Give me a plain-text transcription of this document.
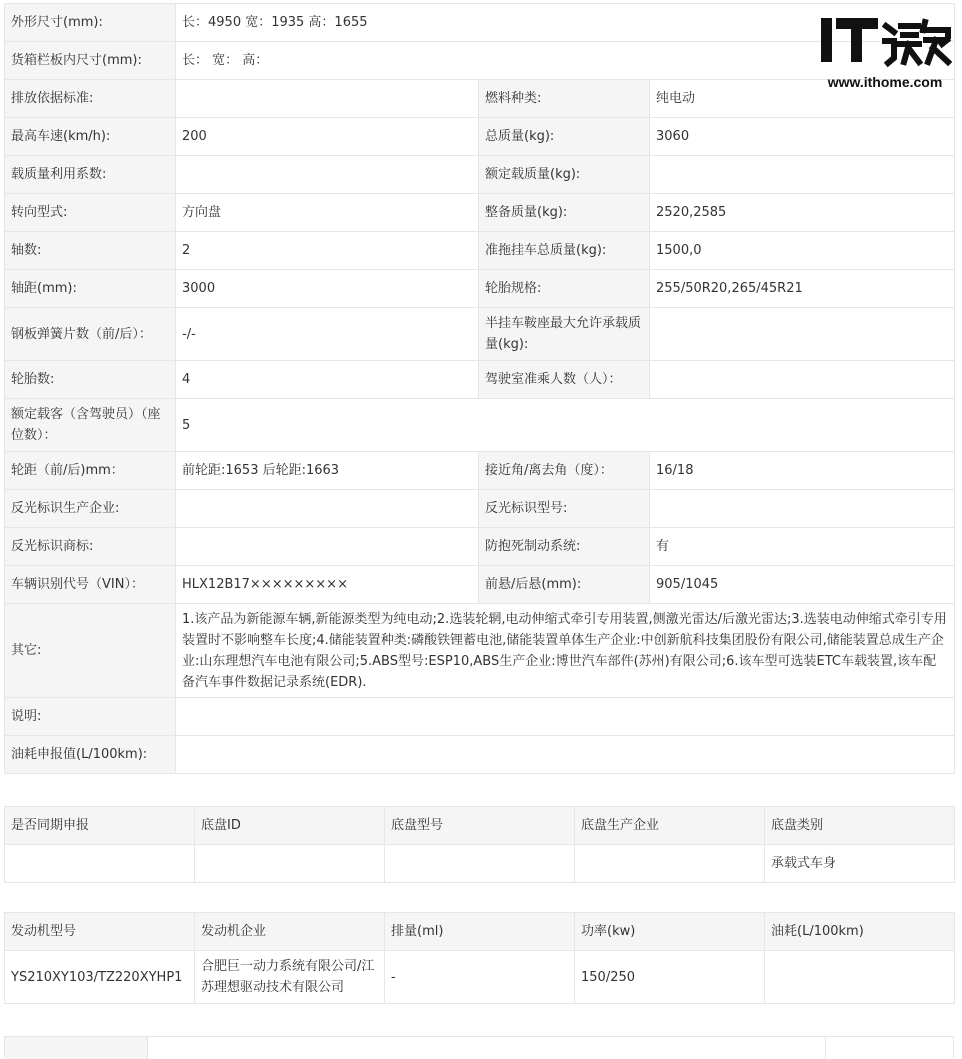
外形尺寸(mm):	长：4950 宽：1935 高：1655		
货箱栏板内尺寸(mm):	长： 宽： 高：		
排放依据标准:		燃料种类:	纯电动
最高车速(km/h):	200	总质量(kg):	3060
载质量利用系数:		额定载质量(kg):	
转向型式:	方向盘	整备质量(kg):	2520,2585
轴数:	2	准拖挂车总质量(kg):	1500,0
轴距(mm):	3000	轮胎规格:	255/50R20,265/45R21
钢板弹簧片数（前/后）：	-/-	半挂车鞍座最大允许承载质量(kg):	
轮胎数:	4	驾驶室准乘人数（人）：	
额定载客（含驾驶员）（座位数）：	5		
轮距（前/后)mm：	前轮距:1653 后轮距:1663	接近角/离去角（度）：	16/18
反光标识生产企业:		反光标识型号:	
反光标识商标:		防抱死制动系统:	有
车辆识别代号（VIN）：	HLX12B17×××××××××	前悬/后悬(mm):	905/1045
其它:	1.该产品为新能源车辆,新能源类型为纯电动;2.选装轮辋,电动伸缩式牵引专用装置,侧激光雷达/后激光雷达;3.选装电动伸缩式牵引专用装置时不影响整车长度;4.储能装置种类:磷酸铁锂蓄电池,储能装置单体生产企业:中创新航科技集团股份有限公司,储能装置总成生产企业:山东理想汽车电池有限公司;5.ABS型号:ESP10,ABS生产企业:博世汽车部件(苏州)有限公司;6.该车型可选装ETC车载装置,该车配备汽车事件数据记录系统(EDR).		
说明:			
油耗申报值(L/100km):			
是否同期申报	底盘ID	底盘型号	底盘生产企业	底盘类别
				承载式车身
发动机型号	发动机企业	排量(ml)	功率(kw)	油耗(L/100km)
YS210XY103/TZ220XYHP1	合肥巨一动力系统有限公司/江苏理想驱动技术有限公司	-	150/250	
www.ithome.com
